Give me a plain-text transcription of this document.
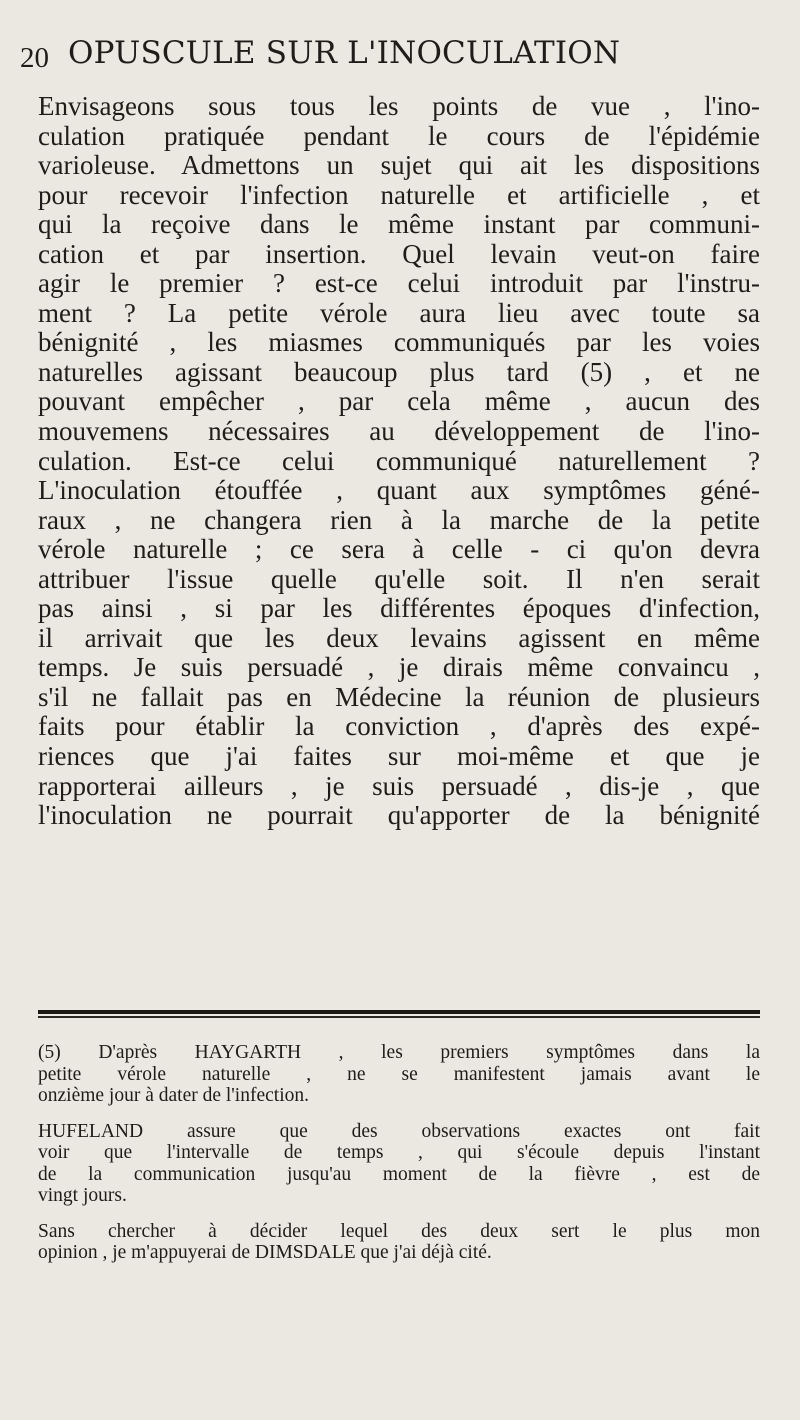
20 OPUSCULE SUR L'INOCULATION
Envisageons sous tous les points de vue , l'ino-
culation pratiquée pendant le cours de l'épidémie
varioleuse. Admettons un sujet qui ait les dispositions
pour recevoir l'infection naturelle et artificielle , et
qui la reçoive dans le même instant par communi-
cation et par insertion. Quel levain veut-on faire
agir le premier ? est-ce celui introduit par l'instru-
ment ? La petite vérole aura lieu avec toute sa
bénignité , les miasmes communiqués par les voies
naturelles agissant beaucoup plus tard (5) , et ne
pouvant empêcher , par cela même , aucun des
mouvemens nécessaires au développement de l'ino-
culation. Est-ce celui communiqué naturellement ?
L'inoculation étouffée , quant aux symptômes géné-
raux , ne changera rien à la marche de la petite
vérole naturelle ; ce sera à celle - ci qu'on devra
attribuer l'issue quelle qu'elle soit. Il n'en serait
pas ainsi , si par les différentes époques d'infection,
il arrivait que les deux levains agissent en même
temps. Je suis persuadé , je dirais même convaincu ,
s'il ne fallait pas en Médecine la réunion de plusieurs
faits pour établir la conviction , d'après des expé-
riences que j'ai faites sur moi-même et que je
rapporterai ailleurs , je suis persuadé , dis-je , que
l'inoculation ne pourrait qu'apporter de la bénignité
(5) D'après HAYGARTH , les premiers symptômes dans la
petite vérole naturelle , ne se manifestent jamais avant le
onzième jour à dater de l'infection.
HUFELAND assure que des observations exactes ont fait
voir que l'intervalle de temps , qui s'écoule depuis l'instant
de la communication jusqu'au moment de la fièvre , est de
vingt jours.
Sans chercher à décider lequel des deux sert le plus mon
opinion , je m'appuyerai de DIMSDALE que j'ai déjà cité.
